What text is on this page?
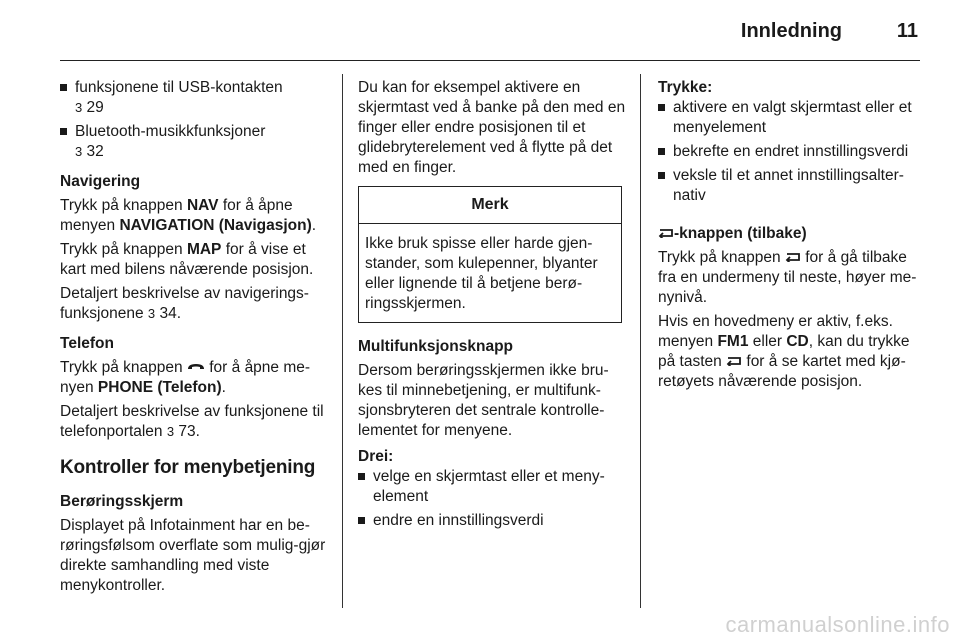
Innledning	11
funksjonene til USB-kontakten
3 29
Bluetooth-musikkfunksjoner
3 32

Navigering

Trykk på knappen NAV for å åpne menyen NAVIGATION (Navigasjon).

Trykk på knappen MAP for å vise et kart med bilens nåværende posisjon.

Detaljert beskrivelse av navigerings-funksjonene 3 34.

Telefon

Trykk på knappen  for å åpne me-nyen PHONE (Telefon).

Detaljert beskrivelse av funksjonene til telefonportalen 3 73.

Kontroller for menybetjening

Berøringsskjerm

Displayet på Infotainment har en be-røringsfølsom overflate som mulig-gjør direkte samhandling med viste menykontroller.

Du kan for eksempel aktivere en skjermtast ved å banke på den med en finger eller endre posisjonen til et glidebryterelement ved å flytte på det med en finger.

Merk
Ikke bruk spisse eller harde gjen-stander, som kulepenner, blyanter eller lignende til å betjene berø-ringsskjermen.

Multifunksjonsknapp

Dersom berøringsskjermen ikke bru-kes til minnebetjening, er multifunk-sjonsbryteren det sentrale kontrolle-lementet for menyene.

Drei:

velge en skjermtast eller et meny-element
endre en innstillingsverdi

Trykke:

aktivere en valgt skjermtast eller et menyelement
bekrefte en endret innstillingsverdi
veksle til et annet innstillingsalter-nativ

-knappen (tilbake)

Trykk på knappen  for å gå tilbake fra en undermeny til neste, høyer me-nynivå.

Hvis en hovedmeny er aktiv, f.eks. menyen FM1 eller CD, kan du trykke på tasten  for å se kartet med kjø-retøyets nåværende posisjon.

carmanualsonline.info
